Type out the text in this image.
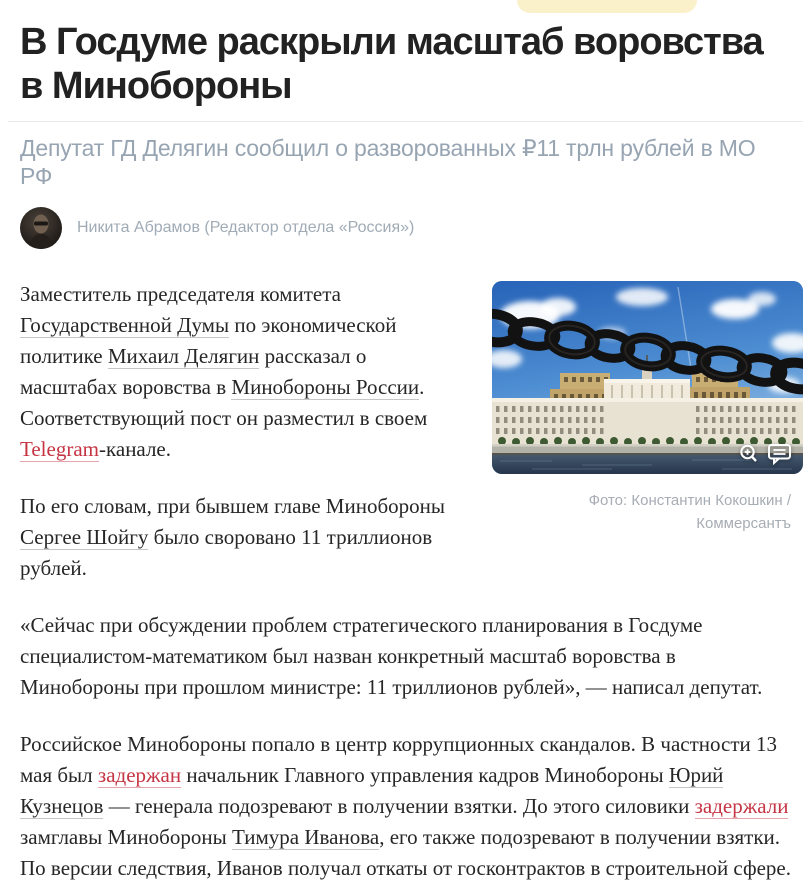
В Госдуме раскрыли масштаб воровства в Минобороны
Депутат ГД Делягин сообщил о разворованных ₽11 трлн рублей в МО РФ
Никита Абрамов (Редактор отдела «Россия»)
Фото: Константин Кокошкин / Коммерсантъ

Заместитель председателя комитета Государственной Думы по экономической политике Михаил Делягин рассказал о масштабах воровства в Минобороны России. Соответствующий пост он разместил в своем Telegram-канале.

По его словам, при бывшем главе Минобороны Сергее Шойгу было своровано 11 триллионов рублей.

«Сейчас при обсуждении проблем стратегического планирования в Госдуме специалистом-математиком был назван конкретный масштаб воровства в Минобороны при прошлом министре: 11 триллионов рублей», — написал депутат.

Российское Минобороны попало в центр коррупционных скандалов. В частности 13 мая был задержан начальник Главного управления кадров Минобороны Юрий Кузнецов — генерала подозревают в получении взятки. До этого силовики задержали замглавы Минобороны Тимура Иванова, его также подозревают в получении взятки. По версии следствия, Иванов получал откаты от госконтрактов в строительной сфере.
